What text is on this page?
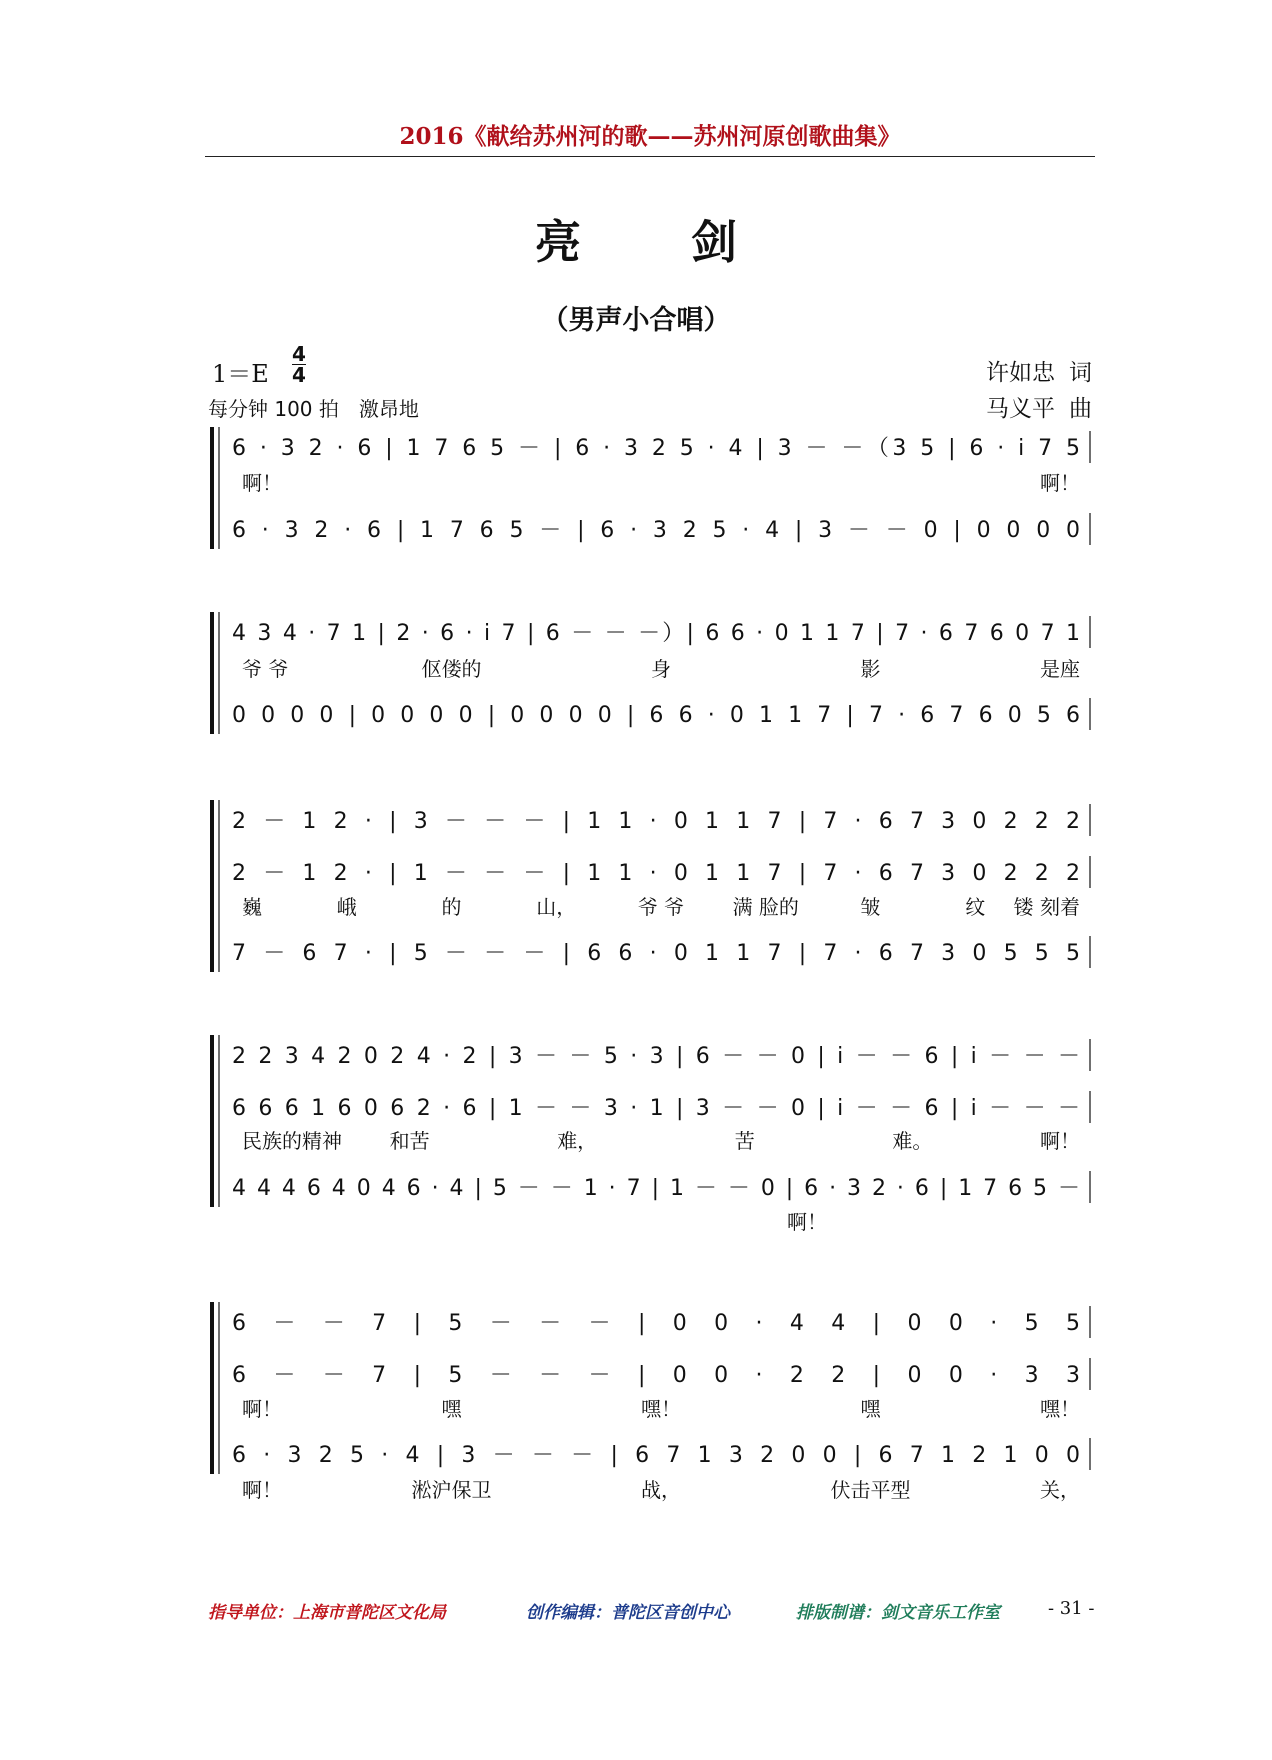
2016《献给苏州河的歌——苏州河原创歌曲集》
亮剑
（男声小合唱）
1＝E
4
4
每分钟 100 拍　激昂地
许如忠 词
马义平 曲
6 · 3 2 · 6 | 1 7 6 5 － | 6 · 3 2 5 · 4 | 3 － －（3 5 | 6 · i 7 5
6 · 3 2 · 6 | 1 7 6 5 － | 6 · 3 2 5 · 4 | 3 － － 0 | 0 0 0 0
啊！	啊！
4 3 4 · 7 1 | 2 · 6 · i 7 | 6 － － －）| 6 6 · 0 1 1 7 | 7 · 6 7 6 0 7 1
0 0 0 0 | 0 0 0 0 | 0 0 0 0 | 6 6 · 0 1 1 7 | 7 · 6 7 6 0 5 6
爷 爷	伛偻的	身	影	是座
2 － 1 2 · | 3 － － － | 1 1 · 0 1 1 7 | 7 · 6 7 3 0 2 2 2
2 － 1 2 · | 1 － － － | 1 1 · 0 1 1 7 | 7 · 6 7 3 0 2 2 2
7 － 6 7 · | 5 － － － | 6 6 · 0 1 1 7 | 7 · 6 7 3 0 5 5 5
巍	峨	的	山，	爷 爷 满 脸的	皱	纹 镂 刻着
2 2 3 4 2 0 2 4 · 2 | 3 － － 5 · 3 | 6 － － 0 | i － － 6 | i － － －
6 6 6 1 6 0 6 2 · 6 | 1 － － 3 · 1 | 3 － － 0 | i － － 6 | i － － －
4 4 4 6 4 0 4 6 · 4 | 5 － － 1 · 7 | 1 － － 0 | 6 · 3 2 · 6 | 1 7 6 5 －
民族的精神 和苦	难，	苦	难。	啊！
啊！
6 － － 7 | 5 － － － | 0 0 · 4 4 | 0 0 · 5 5
6 － － 7 | 5 － － － | 0 0 · 2 2 | 0 0 · 3 3
6 · 3 2 5 · 4 | 3 － － － | 6 7 1 3 2 0 0 | 6 7 1 2 1 0 0
啊！	嘿	嘿！	嘿	嘿！
啊！	淞沪保卫	战，	伏击平型	关，
指导单位：上海市普陀区文化局	创作编辑：普陀区音创中心	排版制谱：剑文音乐工作室	- 31 -
